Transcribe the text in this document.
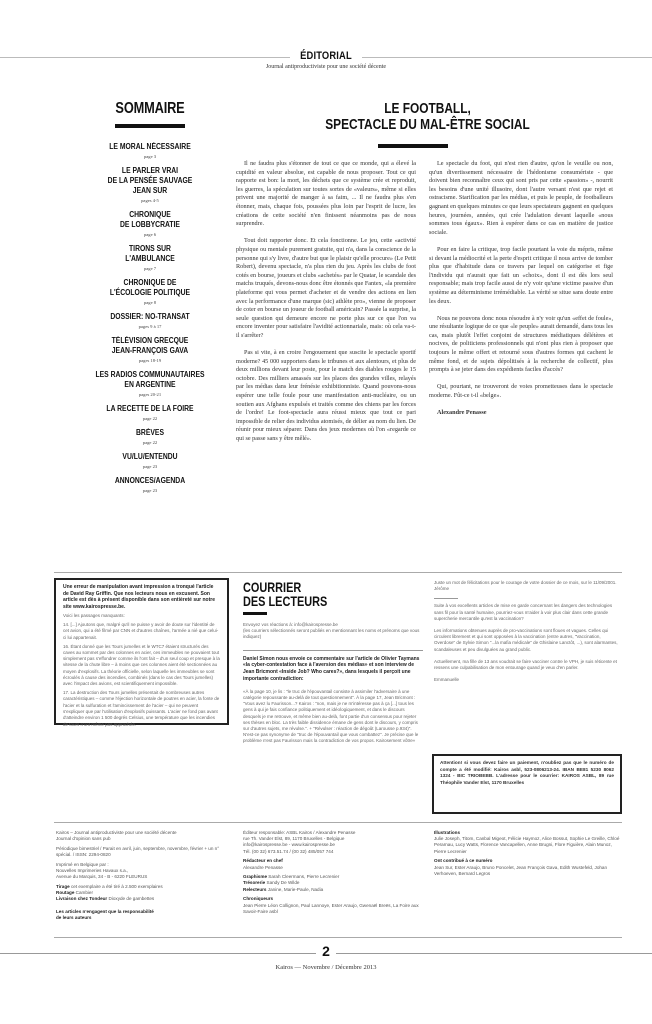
ÉDITORIAL
Journal antiproductiviste pour une société décente
SOMMAIRE
LE MORAL NÉCESSAIRE
page 3
LE PARLER VRAI
DE LA PENSÉE SAUVAGE
JEAN SUR
pages 4-5
CHRONIQUE
DE LOBBYCRATIE
page 6
TIRONS SUR
L'AMBULANCE
page 7
CHRONIQUE DE
L'ÉCOLOGIE POLITIQUE
page 8
DOSSIER: NO-TRANSAT
pages 9 à 17
TÉLÉVISION GRECQUE
JEAN-FRANÇOIS GAVA
pages 18-19
LES RADIOS COMMUNAUTAIRES
EN ARGENTINE
pages 20-21
LA RECETTE DE LA FOIRE
page 22
BRÈVES
page 22
VU/LU/ENTENDU
page 23
ANNONCES/AGENDA
page 23
LE FOOTBALL,
SPECTACLE DU MAL-ÊTRE SOCIAL

Il ne faudra plus s'étonner de tout ce que ce monde, qui a élevé la cupidité en valeur absolue, est capable de nous proposer. Tout ce qui rapporte est bon: la mort, les déchets que ce système crée et reproduit, les guerres, la spéculation sur toutes sortes de «valeurs», même si elles privent une majorité de manger à sa faim, ... Il ne faudra plus s'en étonner, mais, chaque fois, poussées plus loin par l'esprit de lucre, les créations de cette société n'en finissent néanmoins pas de nous surprendre.

Tout doit rapporter donc. Et cela fonctionne. Le jeu, cette «activité physique ou mentale purement gratuite, qui n'a, dans la conscience de la personne qui s'y livre, d'autre but que le plaisir qu'elle procure» (Le Petit Robert), devenu spectacle, n'a plus rien du jeu. Après les clubs de foot cotés en bourse, joueurs et clubs «achetés» par le Quatar, le scandale des matchs truqués, devons-nous donc être étonnés que Fantex, «la première plateforme qui vous permet d'acheter et de vendre des actions en lien avec la performance d'une marque (sic) athlète pro», vienne de proposer de coter en bourse un joueur de football américain? Passée la surprise, la seule question qui demeure encore ne porte plus sur ce que l'on va encore inventer pour satisfaire l'avidité actionnariale, mais: où cela va-t-il s'arrêter?

Pas si vite, à en croire l'engouement que suscite le spectacle sportif moderne? 45 000 supporters dans le tribunes et aux alentours, et plus de deux millions devant leur poste, pour le match des diables rouges le 15 octobre. Des milliers amassés sur les places des grandes villes, relayés par les médias dans leur frénésie exhibitionniste. Quand pouvons-nous espérer une telle foule pour une manifestation anti-nucléaire, ou un soutien aux Afghans expulsés et traités comme des chiens par les forces de l'ordre! Le foot-spectacle aura réussi mieux que tout ce pari impossible de relier des individus atomisés, de délier au nom du lien. De réunir pour mieux séparer. Dans des jeux modernes où l'on «regarde ce qui se passe sans y être mêlé».

Le spectacle du foot, qui n'est rien d'autre, qu'on le veuille ou non, qu'un divertissement nécessaire de l'hédonisme consumériste - que doivent bien reconnaître ceux qui sont pris par cette «passion» -, nourrit les besoins d'une unité illusoire, dont l'autre versant n'est que rejet et ostracisme. Starification par les médias, et puis le peuple, de footballeurs gagnant en quelques minutes ce que leurs spectateurs gagnent en quelques heures, journées, années, qui crée l'adulation devant laquelle «nous sommes tous égaux». Rien à espérer dans ce cas en matière de justice sociale.

Pour en faire la critique, trop facile pourtant la voie du mépris, même si devant la médiocrité et la perte d'esprit critique il nous arrive de tomber plus que d'habitude dans ce travers par lequel on catégorise et fige l'individu qui n'aurait que fait un «choix», dont il est dès lors seul responsable; mais trop facile aussi de n'y voir qu'une victime passive d'un système au déterminisme irrémédiable. La vérité se situe sans doute entre les deux.

Nous ne pouvons donc nous résoudre à n'y voir qu'un «effet de foule», une résultante logique de ce que «le peuple» aurait demandé, dans tous les cas, mais plutôt l'effet conjoint de structures médiatiques délétères et nocives, de politiciens professionnels qui n'ont plus rien à proposer que toujours le même offert et retourné sous d'autres formes qui cachent le même fond, et de sujets dépolitisés à la recherche de collectif, plus prompts à se jeter dans des expédients faciles d'accès?

Qui, pourtant, ne trouveront de voies prometteuses dans le spectacle moderne. Fût-ce t-il «belge».

Alexandre Penasse

Une erreur de manipulation avant impression a tronqué l'article de David Ray Griffin. Que nos lecteurs nous en excusent. Son article est dès à présent disponible dans son entièreté sur notre site www.kairospresse.be.

Voici les passages manquants:

14. [...] Ajoutons que, malgré qu'il ne puisse y avoir de doute sur l'identité de cet avion, qui a été filmé par CNN et d'autres chaînes, l'armée a nié que celui-ci lui appartenait.

16. Étant donné que les Tours jumelles et le WTC7 étaient structurés des caves au sommet par des colonnes en acier, ces immeubles ne pouvaient tout simplement pas s'effondrer comme ils l'ont fait – d'un seul coup et presque à la vitesse de la chute libre – à moins que ces colonnes aient été sectionnées au moyen d'explosifs. La théorie officielle, selon laquelle les immeubles se sont écroulés à cause des incendies, combinés (dans le cas des Tours jumelles) avec l'impact des avions, est scientifiquement impossible.

17. La destruction des Tours jumelles présentait de nombreuses autres caractéristiques – comme l'éjection horizontale de poutres en acier, la fonte de l'acier et la sulfuration et l'amincissement de l'acier – qui ne peuvent s'expliquer que par l'utilisation d'explosifs puissants. L'acier ne fond pas avant d'atteindre environ 1 500 degrés Celsius, une température que les incendies de tours n'ont même pas approchée.

COURRIER
DES LECTEURS

Envoyez vos réactions à: info@kairospresse.be
(les courriers sélectionnés seront publiés en mentionnant les noms et prénoms que vous indiquez)

Daniel Simon nous envoie ce commentaire sur l'article de Olivier Taymans «la cyber-contestation face à l'aversion des médias» et son interview de Jean Bricmont «Inside Job? Who cares?», dans lesquels il perçoit une importante contradiction:

«À la page 10, je lis : "le truc de l'épouvantail consiste à assimiler l'adversaire à une catégorie repoussante au-delà de tout questionnement". À la page 17, Jean Bricmont : "Vous avez lu Faurisson...? Kairos : "non, mais je ne m'intéresse pas à ça [...] tous les gens à qui je fais confiance politiquement et idéologiquement, et dans le discours desquels je me retrouve, et même bien au-delà, font partie d'un consensus pour rejeter ses thèses en bloc. La très faible dissidence émane de gens dont le discours, y compris sur d'autres sujets, me révulse.". + "Révulser : réaction de dégoût (Larousse p.934)". N'est-ce pas synonyme de "truc de l'épouvantail que vous combattez". Je précise que le problème n'est pas Faurisson mais la contradiction de vos propos. Kairosement vôtre»

Juste un mot de félicitations pour le courage de votre dossier de ce mois, sur le 11/09/2001. Jérôme

Suite à vos excellents articles de mise en garde concernant les dangers des technologies sans fil pour la santé humaine, pourriez-vous m'aider à voir plus clair dans cette grande supercherie mercantile qu'est la vaccination?

Les informations obtenues auprès de pro-vaccinations sont floues et vagues. Celles qui circulent librement et qui sont opposées à la vaccination (entre autres, "Vaccination, Overdose" de Sylvie Simon "...la mafia médicale" de Ghislaine Lanctôt, ...), sont alarmantes, scandaleuses et peu divulguées au grand public.

Actuellement, ma fille de 13 ans voudrait se faire vacciner contre le VPH, je suis réticente et ressens une culpabilisation de mon entourage quand je veux d'en parler.

Emmanuelle

Attention! si vous devez faire un paiement, n'oubliez pas que le numéro de compte a été modifié: Kairos asbl, 523-0806213-24. IBAN BE81 5230 8062 1324 - BIC TRIOBEBB. L'adresse pour le courrier: KAIROS ASBL, 89 rue Théophile Vander Elst, 1170 Bruxelles

Kairos – Journal antiproductiviste pour une société décente
Journal d'opinion sans pub

Périodique bimestriel / Parait en avril, juin, septembre, novembre, février + un n° spécial. / ISSN: 2294-0820

Imprimé en Belgique par :
Nouvelles Imprimeries Havaux s.a.,
Avenue du Marquis, 34 - B - 6220 FLEURUS

Tirage cet exemplaire a été tiré à 2.500 exemplaires
Routage Cambier
Livraison chez Tondeur Dioxyde de gambettes

Les articles n'engagent que la responsabilité de leurs auteurs

Éditeur responsable: ASBL Kairos / Alexandre Penasse
rue Th. Vander Elst, 89, 1170 Bruxelles - Belgique
info@kairospresse.be - www.kairospresse.be
Tél. (00 32) 673.51.74 / (00 32) 485/057 744

Rédacteur en chef
Alexandre Penasse

Graphisme Sarah Cleermans, Pierre Lecrenier
Trésorerie Sandy De Wilde
Relecteurs Janine, Marie-Paule, Nadia

Chroniqueurs
Jean Pierre Léon Collignon, Paul Lannoye, Ester Araujo, Gwenaël Breës, La Foire aux Savoir-Faire asbl

Illustrations
Julie Joseph, Titom, Canbal Migeot, Félicie Haymoz, Alice Bossut, Sophie Le Greille, Chloé Perarnau, Lucy Watts, Florence Vancapellen, Anne Brugni, Flore Figuière, Alain Munoz, Pierre Lecrenier

Ont contribué à ce numéro
Jean Sur, Ester Araujo, Bruno Poncelet, Jean François Gava, Edith Wustefeld, Johan Verhoeven, Bernard Legros

2
Kairos — Novembre / Décembre 2013
